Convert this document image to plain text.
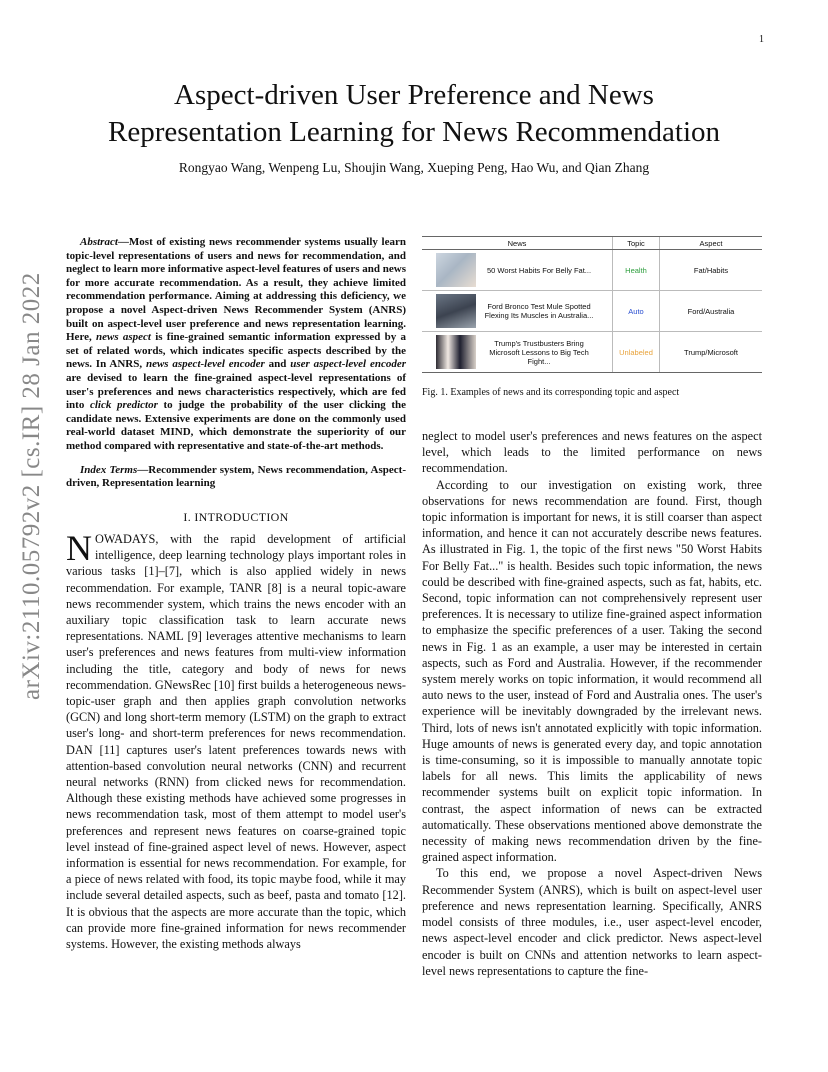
1
arXiv:2110.05792v2 [cs.IR] 28 Jan 2022
Aspect-driven User Preference and News
Representation Learning for News Recommendation
Rongyao Wang, Wenpeng Lu, Shoujin Wang, Xueping Peng, Hao Wu, and Qian Zhang

Abstract—Most of existing news recommender systems usually learn topic-level representations of users and news for recommendation, and neglect to learn more informative aspect-level features of users and news for more accurate recommendation. As a result, they achieve limited recommendation performance. Aiming at addressing this deficiency, we propose a novel Aspect-driven News Recommender System (ANRS) built on aspect-level user preference and news representation learning. Here, news aspect is fine-grained semantic information expressed by a set of related words, which indicates specific aspects described by the news. In ANRS, news aspect-level encoder and user aspect-level encoder are devised to learn the fine-grained aspect-level representations of user's preferences and news characteristics respectively, which are fed into click predictor to judge the probability of the user clicking the candidate news. Extensive experiments are done on the commonly used real-world dataset MIND, which demonstrate the superiority of our method compared with representative and state-of-the-art methods.

Index Terms—Recommender system, News recommendation, Aspect-driven, Representation learning

I. INTRODUCTION

NOWADAYS, with the rapid development of artificial intelligence, deep learning technology plays important roles in various tasks [1]–[7], which is also applied widely in news recommendation. For example, TANR [8] is a neural topic-aware news recommender system, which trains the news encoder with an auxiliary topic classification task to learn accurate news representations. NAML [9] leverages attentive mechanisms to learn user's preferences and news features from multi-view information including the title, category and body of news for news recommendation. GNewsRec [10] first builds a heterogeneous news-topic-user graph and then applies graph convolution networks (GCN) and long short-term memory (LSTM) on the graph to extract user's long- and short-term preferences for news recommendation. DAN [11] captures user's latent preferences towards news with attention-based convolution neural networks (CNN) and recurrent neural networks (RNN) from clicked news for recommendation. Although these existing methods have achieved some progresses in news recommendation task, most of them attempt to model user's preferences and represent news features on coarse-grained topic level instead of fine-grained aspect level of news. However, aspect information is essential for news recommendation. For example, for a piece of news related with food, its topic maybe food, while it may include several detailed aspects, such as beef, pasta and tomato [12]. It is obvious that the aspects are more accurate than the topic, which can provide more fine-grained information for news recommender systems. However, the existing methods always

News	Topic	Aspect
50 Worst Habits For Belly Fat...	Health	Fat/Habits
Ford Bronco Test Mule Spotted Flexing Its Muscles in Australia...	Auto	Ford/Australia
Trump's Trustbusters Bring Microsoft Lessons to Big Tech Fight...	Unlabeled	Trump/Microsoft
Fig. 1. Examples of news and its corresponding topic and aspect

neglect to model user's preferences and news features on the aspect level, which leads to the limited performance on news recommendation.

According to our investigation on existing work, three observations for news recommendation are found. First, though topic information is important for news, it is still coarser than aspect information, and hence it can not accurately describe news features. As illustrated in Fig. 1, the topic of the first news "50 Worst Habits For Belly Fat..." is health. Besides such topic information, the news could be described with fine-grained aspects, such as fat, habits, etc. Second, topic information can not comprehensively represent user preferences. It is necessary to utilize fine-grained aspect information to emphasize the specific preferences of a user. Taking the second news in Fig. 1 as an example, a user may be interested in certain aspects, such as Ford and Australia. However, if the recommender system merely works on topic information, it would recommend all auto news to the user, instead of Ford and Australia ones. The user's experience will be inevitably downgraded by the irrelevant news. Third, lots of news isn't annotated explicitly with topic information. Huge amounts of news is generated every day, and topic annotation is time-consuming, so it is impossible to manually annotate topic labels for all news. This limits the applicability of news recommender systems built on explicit topic information. In contrast, the aspect information of news can be extracted automatically. These observations mentioned above demonstrate the necessity of making news recommendation driven by the fine-grained aspect information.

To this end, we propose a novel Aspect-driven News Recommender System (ANRS), which is built on aspect-level user preference and news representation learning. Specifically, ANRS model consists of three modules, i.e., user aspect-level encoder, news aspect-level encoder and click predictor. News aspect-level encoder is built on CNNs and attention networks to learn aspect-level news representations to capture the fine-
